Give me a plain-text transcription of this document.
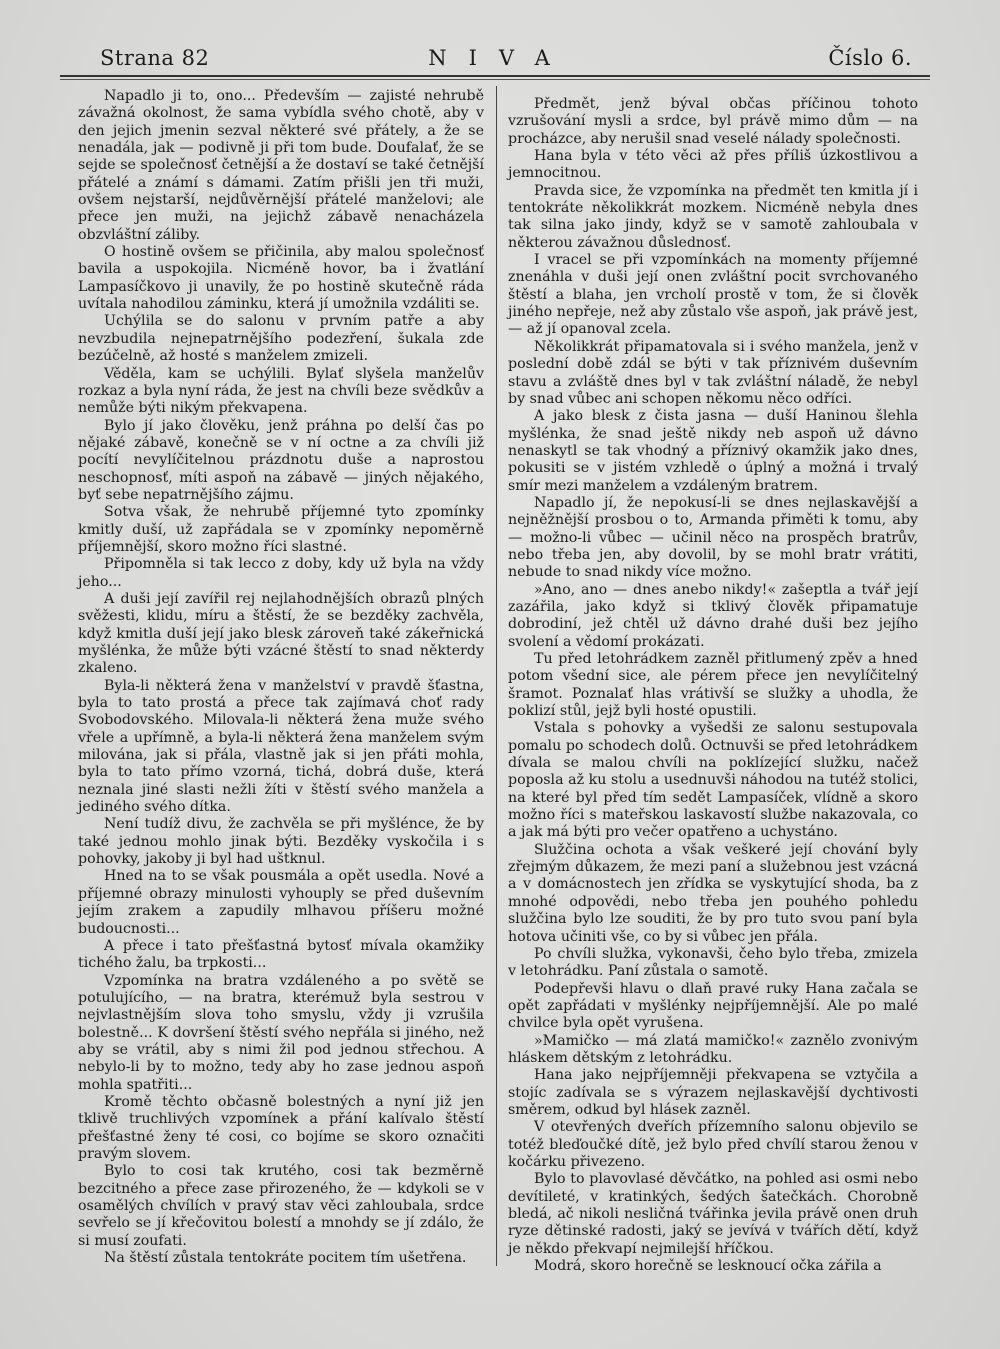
Strana 82	NIVA	Číslo 6.

Napadlo ji to, ono... Především — zajisté nehrubě závažná okolnost, že sama vybídla svého chotě, aby v den jejich jmenin sezval některé své přátely, a že se nenadála, jak — podivně ji při tom bude. Doufalať, že se sejde se společnosť četnější a že dostaví se také četnější přátelé a známí s dámami. Zatím přišli jen tři muži, ovšem nejstarší, nejdůvěrnější přátelé manželovi; ale přece jen muži, na jejichž zábavě nenacházela obzvláštní záliby.

O hostině ovšem se přičinila, aby malou společnosť bavila a uspokojila. Nicméně hovor, ba i žvatlání Lampasíčkovo ji unavily, že po hostině skutečně ráda uvítala nahodilou záminku, která jí umožnila vzdáliti se.

Uchýlila se do salonu v prvním patře a aby nevzbudila nejnepatrnějšího podezření, šukala zde bezúčelně, až hosté s manželem zmizeli.

Věděla, kam se uchýlili. Bylať slyšela manželův rozkaz a byla nyní ráda, že jest na chvíli beze svědkův a nemůže býti nikým překvapena.

Bylo jí jako člověku, jenž práhna po delší čas po nějaké zábavě, konečně se v ní octne a za chvíli již pocítí nevylíčitelnou prázdnotu duše a naprostou neschopnosť, míti aspoň na zábavě — jiných nějakého, byť sebe nepatrnějšího zájmu.

Sotva však, že nehrubě příjemné tyto zpomínky kmitly duší, už zapřádala se v zpomínky nepoměrně příjemnější, skoro možno říci slastné.

Připomněla si tak lecco z doby, kdy už byla na vždy jeho...

A duši její zavířil rej nejlahodnějších obrazů plných svěžesti, klidu, míru a štěstí, že se bezděky zachvěla, když kmitla duší její jako blesk zároveň také zákeřnická myšlénka, že může býti vzácné štěstí to snad některdy zkaleno.

Byla-li některá žena v manželství v pravdě šťastna, byla to tato prostá a přece tak zajímavá choť rady Svobodovského. Milovala-li některá žena muže svého vřele a upřímně, a byla-li některá žena manželem svým milována, jak si přála, vlastně jak si jen přáti mohla, byla to tato přímo vzorná, tichá, dobrá duše, která neznala jiné slasti nežli žíti v štěstí svého manžela a jediného svého dítka.

Není tudíž divu, že zachvěla se při myšlénce, že by také jednou mohlo jinak býti. Bezděky vyskočila i s pohovky, jakoby ji byl had uštknul.

Hned na to se však pousmála a opět usedla. Nové a příjemné obrazy minulosti vyhouply se před duševním jejím zrakem a zapudily mlhavou příšeru možné budoucnosti...

A přece i tato přešťastná bytosť mívala okamžiky tichého žalu, ba trpkosti...

Vzpomínka na bratra vzdáleného a po světě se potulujícího, — na bratra, kterémuž byla sestrou v nejvlastnějším slova toho smyslu, vždy ji vzrušila bolestně... K dovršení štěstí svého nepřála si jiného, než aby se vrátil, aby s nimi žil pod jednou střechou. A nebylo-li by to možno, tedy aby ho zase jednou aspoň mohla spatřiti...

Kromě těchto občasně bolestných a nyní již jen tklivě truchlivých vzpomínek a přání kalívalo štěstí přešťastné ženy té cosi, co bojíme se skoro označiti pravým slovem.

Bylo to cosi tak krutého, cosi tak bezměrně bezcitného a přece zase přirozeného, že — kdykoli se v osamělých chvílích v pravý stav věci zahloubala, srdce sevřelo se jí křečovitou bolestí a mnohdy se jí zdálo, že si musí zoufati.

Na štěstí zůstala tentokráte pocitem tím ušetřena.

Předmět, jenž býval občas příčinou tohoto vzrušování mysli a srdce, byl právě mimo dům — na procházce, aby nerušil snad veselé nálady společnosti.

Hana byla v této věci až přes příliš úzkostlivou a jemnocitnou.

Pravda sice, že vzpomínka na předmět ten kmitla jí i tentokráte několikkrát mozkem. Nicméně nebyla dnes tak silna jako jindy, když se v samotě zahloubala v některou závažnou důslednosť.

I vracel se při vzpomínkách na momenty příjemné znenáhla v duši její onen zvláštní pocit svrchovaného štěstí a blaha, jen vrcholí prostě v tom, že si člověk jiného nepřeje, než aby zůstalo vše aspoň, jak právě jest, — až jí opanoval zcela.

Několikkrát připamatovala si i svého manžela, jenž v poslední době zdál se býti v tak příznivém duševním stavu a zvláště dnes byl v tak zvláštní náladě, že nebyl by snad vůbec ani schopen někomu něco odříci.

A jako blesk z čista jasna — duší Haninou šlehla myšlénka, že snad ještě nikdy neb aspoň už dávno nenaskytl se tak vhodný a příznivý okamžik jako dnes, pokusiti se v jistém vzhledě o úplný a možná i trvalý smír mezi manželem a vzdáleným bratrem.

Napadlo jí, že nepokusí-li se dnes nejlaskavější a nejněžnější prosbou o to, Armanda přiměti k tomu, aby — možno-li vůbec — učinil něco na prospěch bratrův, nebo třeba jen, aby dovolil, by se mohl bratr vrátiti, nebude to snad nikdy více možno.

»Ano, ano — dnes anebo nikdy!« zašeptla a tvář její zazářila, jako když si tklivý člověk připamatuje dobrodiní, jež chtěl už dávno drahé duši bez jejího svolení a vědomí prokázati.

Tu před letohrádkem zazněl přitlumený zpěv a hned potom všední sice, ale pérem přece jen nevylíčitelný šramot. Poznalať hlas vrátivší se služky a uhodla, že poklizí stůl, jejž byli hosté opustili.

Vstala s pohovky a vyšedši ze salonu sestupovala pomalu po schodech dolů. Octnuvši se před letohrádkem dívala se malou chvíli na poklízející služku, načež poposla až ku stolu a usednuvši náhodou na tutéž stolici, na které byl před tím sedět Lampasíček, vlídně a skoro možno říci s mateřskou laskavostí službe nakazovala, co a jak má býti pro večer opatřeno a uchystáno.

Služčina ochota a však veškeré její chování byly zřejmým důkazem, že mezi paní a služebnou jest vzácná a v domácnostech jen zřídka se vyskytující shoda, ba z mnohé odpovědi, nebo třeba jen pouhého pohledu služčina bylo lze souditi, že by pro tuto svou paní byla hotova učiniti vše, co by si vůbec jen přála.

Po chvíli služka, vykonavši, čeho bylo třeba, zmizela v letohrádku. Paní zůstala o samotě.

Podepřevši hlavu o dlaň pravé ruky Hana začala se opět zapřádati v myšlénky nejpříjemnější. Ale po malé chvilce byla opět vyrušena.

»Mamičko — má zlatá mamičko!« zaznělo zvonivým hláskem dětským z letohrádku.

Hana jako nejpříjemněji překvapena se vztyčila a stojíc zadívala se s výrazem nejlaskavější dychtivosti směrem, odkud byl hlásek zazněl.

V otevřených dveřích přízemního salonu objevilo se totéž bleďoučké dítě, jež bylo před chvílí starou ženou v kočárku přivezeno.

Bylo to plavovlasé děvčátko, na pohled asi osmi nebo devítileté, v kratinkých, šedých šatečkách. Chorobně bledá, ač nikoli nesličná tvářinka jevila právě onen druh ryze dětinské radosti, jaký se jevívá v tvářích dětí, když je někdo překvapí nejmilejší hříčkou.

Modrá, skoro horečně se lesknoucí očka zářila a
